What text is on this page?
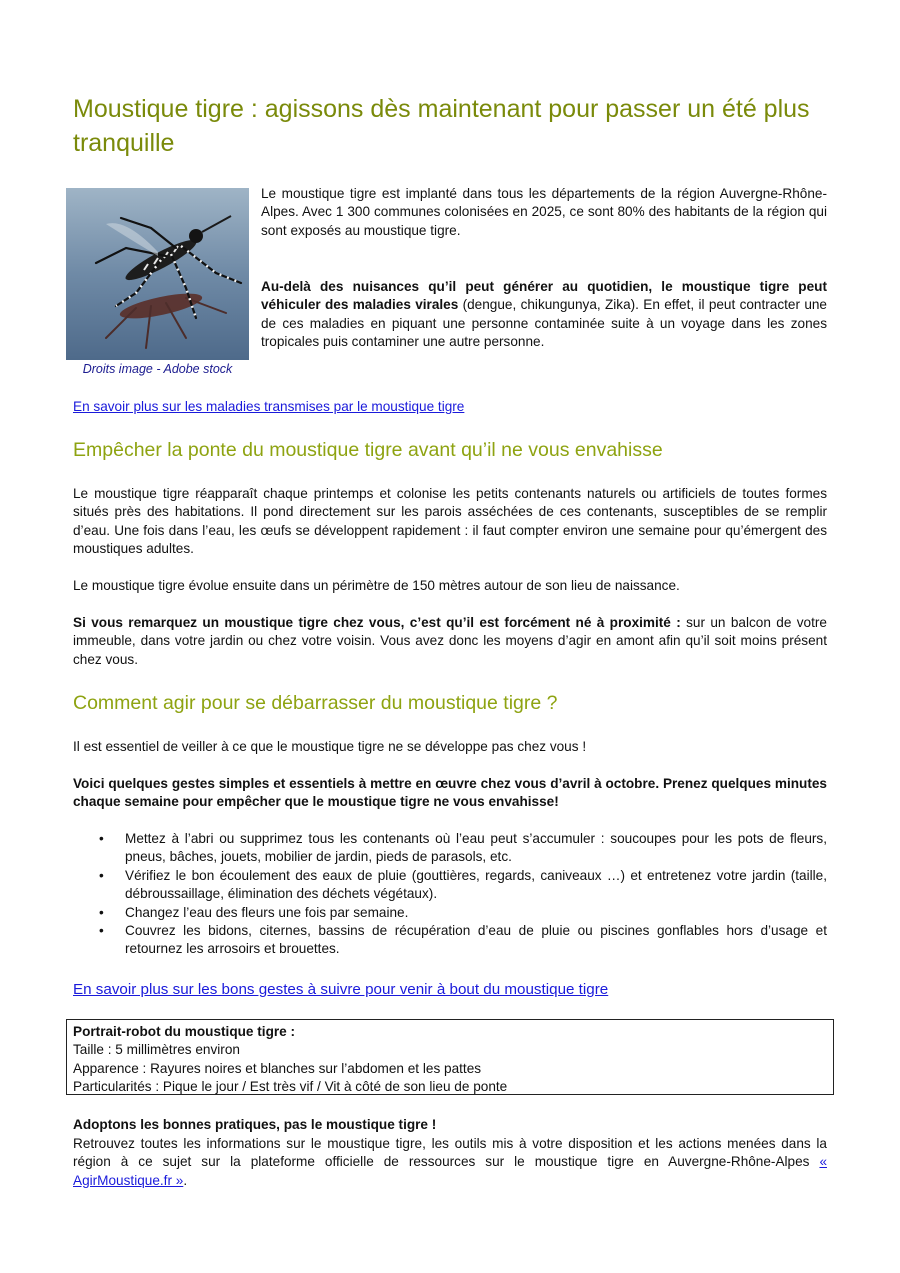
Moustique tigre : agissons dès maintenant pour passer un été plus tranquille
Droits image - Adobe stock

Le moustique tigre est implanté dans tous les départements de la région Auvergne-Rhône-Alpes. Avec 1 300 communes colonisées en 2025, ce sont 80% des habitants de la région qui sont exposés au moustique tigre.

Au-delà des nuisances qu’il peut générer au quotidien, le moustique tigre peut véhiculer des maladies virales (dengue, chikungunya, Zika). En effet, il peut contracter une de ces maladies en piquant une personne contaminée suite à un voyage dans les zones tropicales puis contaminer une autre personne.

En savoir plus sur les maladies transmises par le moustique tigre

Empêcher la ponte du moustique tigre avant qu’il ne vous envahisse

Le moustique tigre réapparaît chaque printemps et colonise les petits contenants naturels ou artificiels de toutes formes situés près des habitations. Il pond directement sur les parois asséchées de ces contenants, susceptibles de se remplir d’eau. Une fois dans l’eau, les œufs se développent rapidement : il faut compter environ une semaine pour qu’émergent des moustiques adultes.

Le moustique tigre évolue ensuite dans un périmètre de 150 mètres autour de son lieu de naissance.

Si vous remarquez un moustique tigre chez vous, c’est qu’il est forcément né à proximité : sur un balcon de votre immeuble, dans votre jardin ou chez votre voisin. Vous avez donc les moyens d’agir en amont afin qu’il soit moins présent chez vous.

Comment agir pour se débarrasser du moustique tigre ?

Il est essentiel de veiller à ce que le moustique tigre ne se développe pas chez vous !

Voici quelques gestes simples et essentiels à mettre en œuvre chez vous d’avril à octobre. Prenez quelques minutes chaque semaine pour empêcher que le moustique tigre ne vous envahisse!

• Mettez à l’abri ou supprimez tous les contenants où l’eau peut s’accumuler : soucoupes pour les pots de fleurs, pneus, bâches, jouets, mobilier de jardin, pieds de parasols, etc.
• Vérifiez le bon écoulement des eaux de pluie (gouttières, regards, caniveaux …) et entretenez votre jardin (taille, débroussaillage, élimination des déchets végétaux).
• Changez l’eau des fleurs une fois par semaine.
• Couvrez les bidons, citernes, bassins de récupération d’eau de pluie ou piscines gonflables hors d’usage et retournez les arrosoirs et brouettes.

En savoir plus sur les bons gestes à suivre pour venir à bout du moustique tigre

Portrait-robot du moustique tigre :
Taille : 5 millimètres environ
Apparence : Rayures noires et blanches sur l’abdomen et les pattes
Particularités : Pique le jour / Est très vif / Vit à côté de son lieu de ponte

Adoptons les bonnes pratiques, pas le moustique tigre !

Retrouvez toutes les informations sur le moustique tigre, les outils mis à votre disposition et les actions menées dans la région à ce sujet sur la plateforme officielle de ressources sur le moustique tigre en Auvergne-Rhône-Alpes « AgirMoustique.fr ».
